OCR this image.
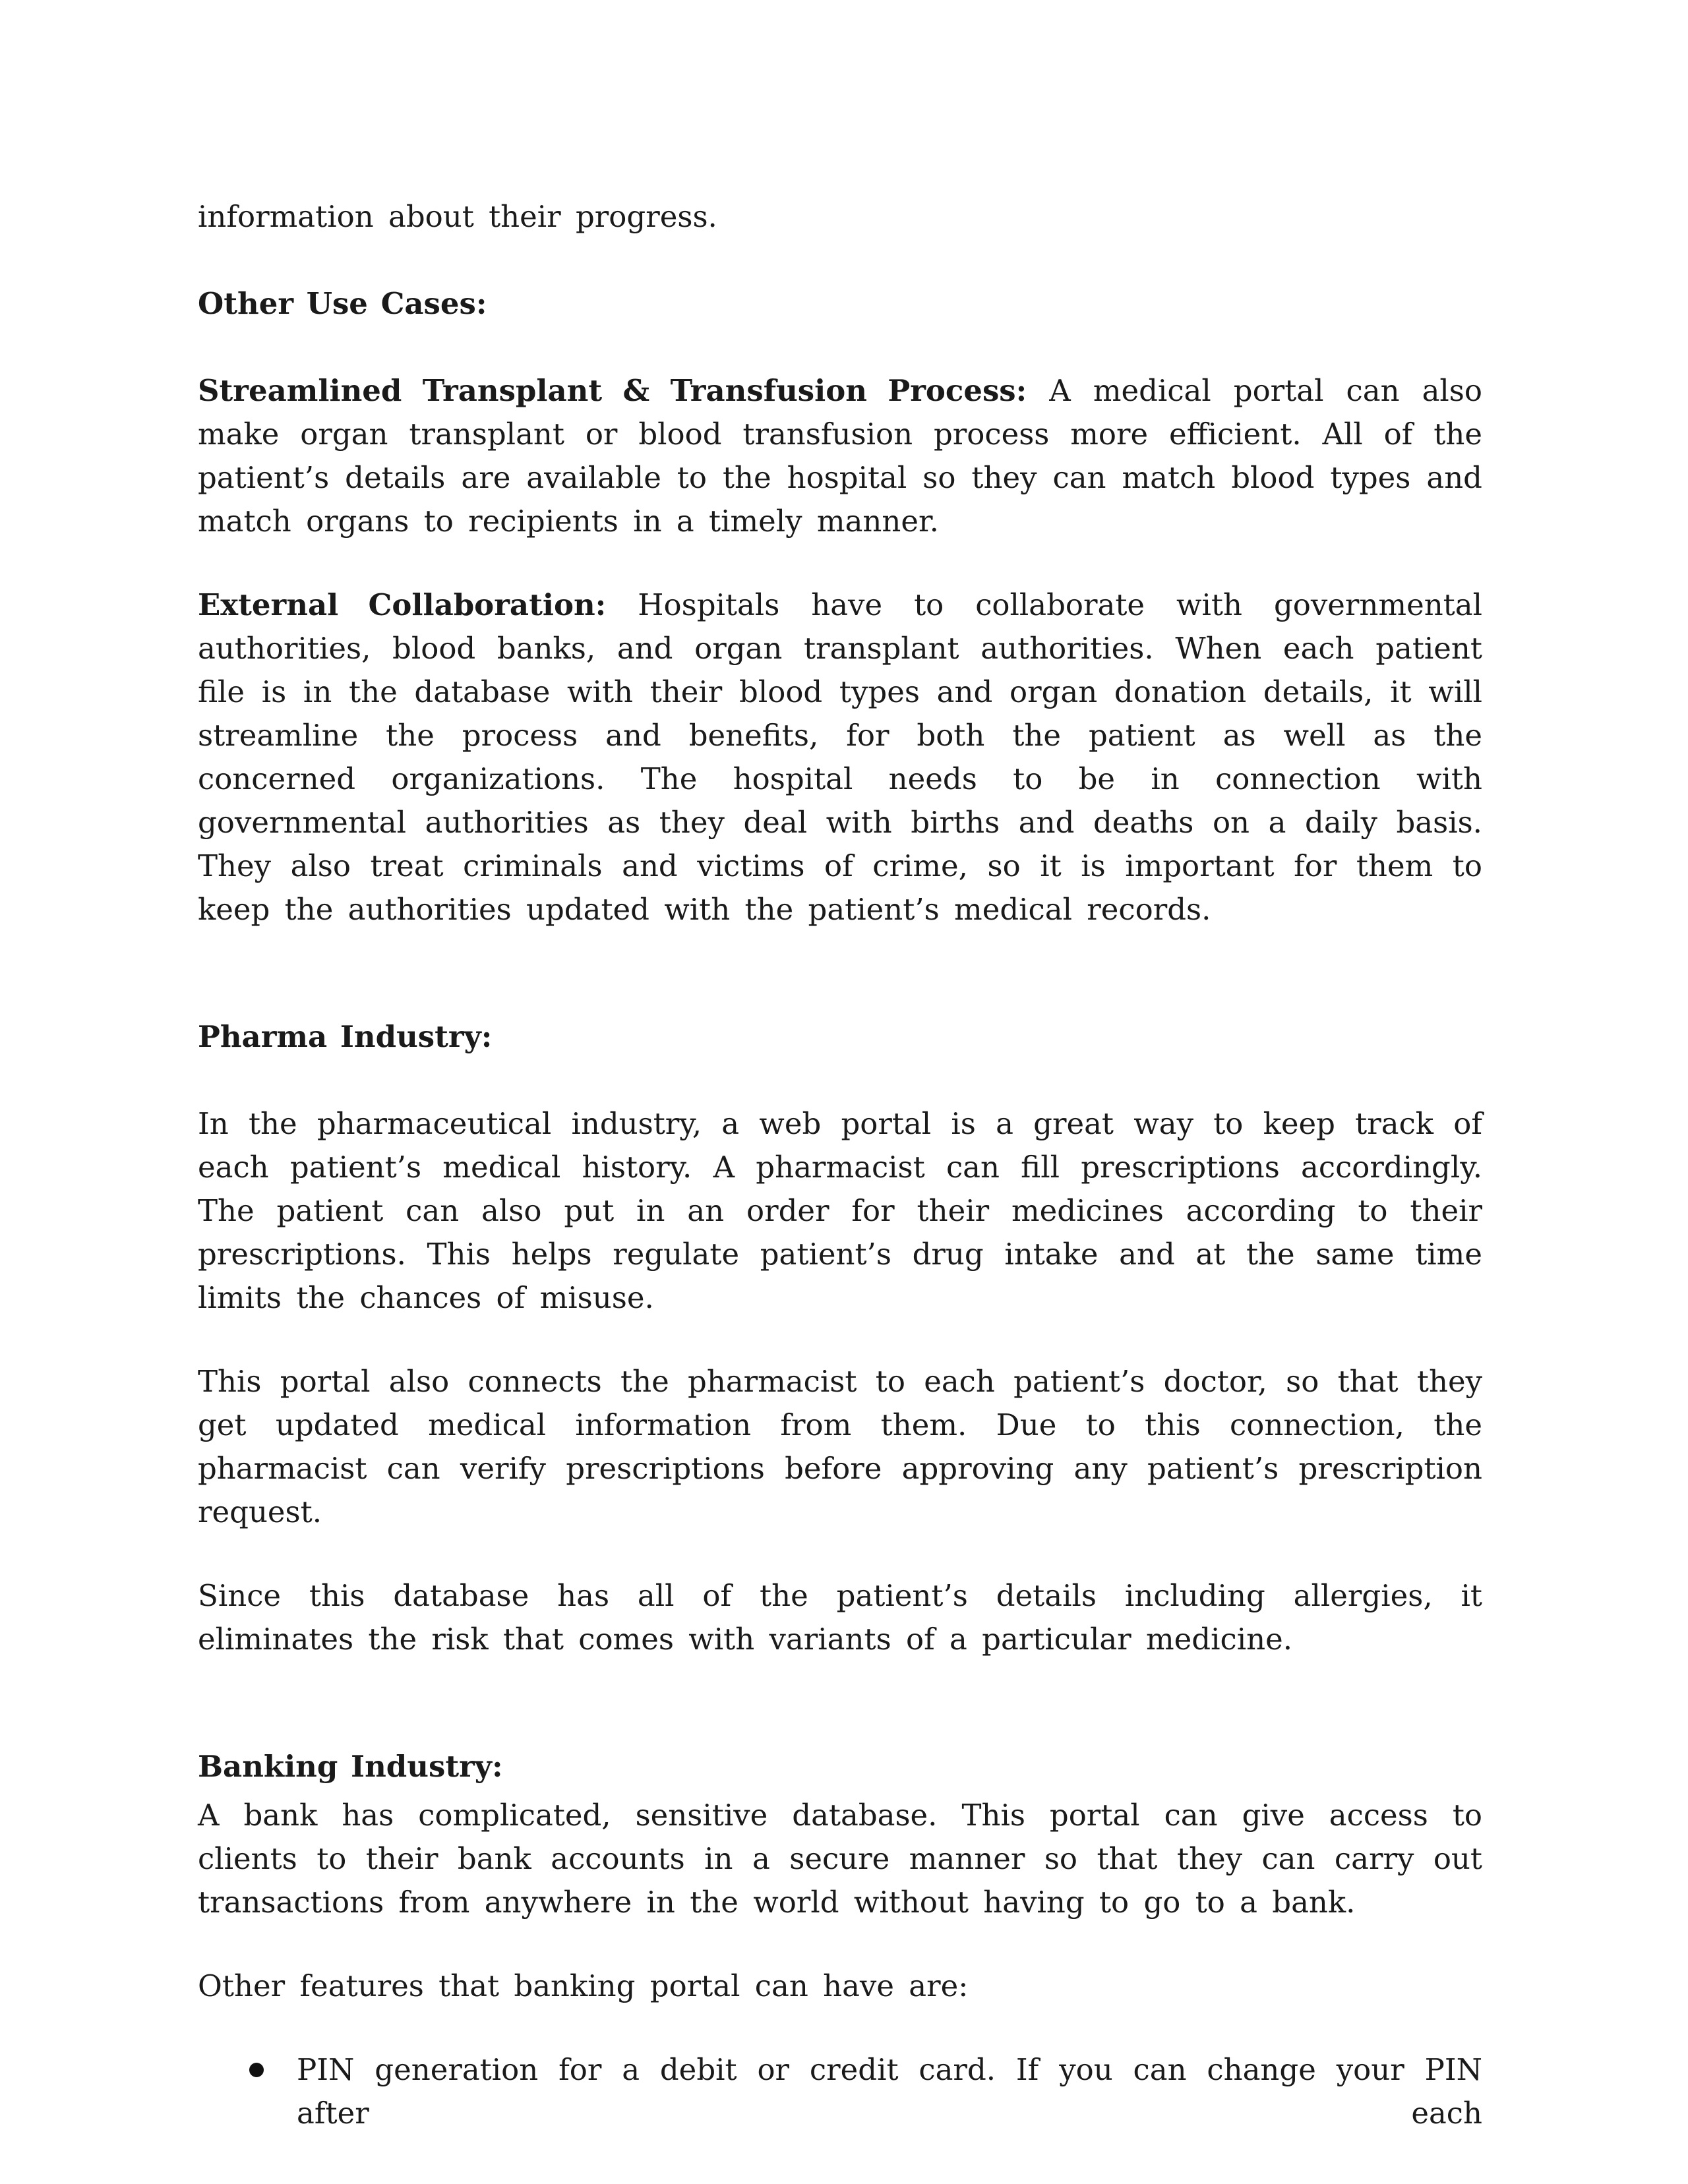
information about their progress.

Other Use Cases:

Streamlined Transplant & Transfusion Process: A medical portal can also make organ transplant or blood transfusion process more efficient. All of the patient’s details are available to the hospital so they can match blood types and match organs to recipients in a timely manner.

External Collaboration: Hospitals have to collaborate with governmental authorities, blood banks, and organ transplant authorities. When each patient file is in the database with their blood types and organ donation details, it will streamline the process and benefits, for both the patient as well as the concerned organizations. The hospital needs to be in connection with governmental authorities as they deal with births and deaths on a daily basis. They also treat criminals and victims of crime, so it is important for them to keep the authorities updated with the patient’s medical records.

Pharma Industry:

In the pharmaceutical industry, a web portal is a great way to keep track of each patient’s medical history. A pharmacist can fill prescriptions accordingly. The patient can also put in an order for their medicines according to their prescriptions. This helps regulate patient’s drug intake and at the same time limits the chances of misuse.

This portal also connects the pharmacist to each patient’s doctor, so that they get updated medical information from them. Due to this connection, the pharmacist can verify prescriptions before approving any patient’s prescription request.

Since this database has all of the patient’s details including allergies, it eliminates the risk that comes with variants of a particular medicine.

Banking Industry:

A bank has complicated, sensitive database. This portal can give access to clients to their bank accounts in a secure manner so that they can carry out transactions from anywhere in the world without having to go to a bank.

Other features that banking portal can have are:

PIN generation for a debit or credit card. If you can change your PIN after each
